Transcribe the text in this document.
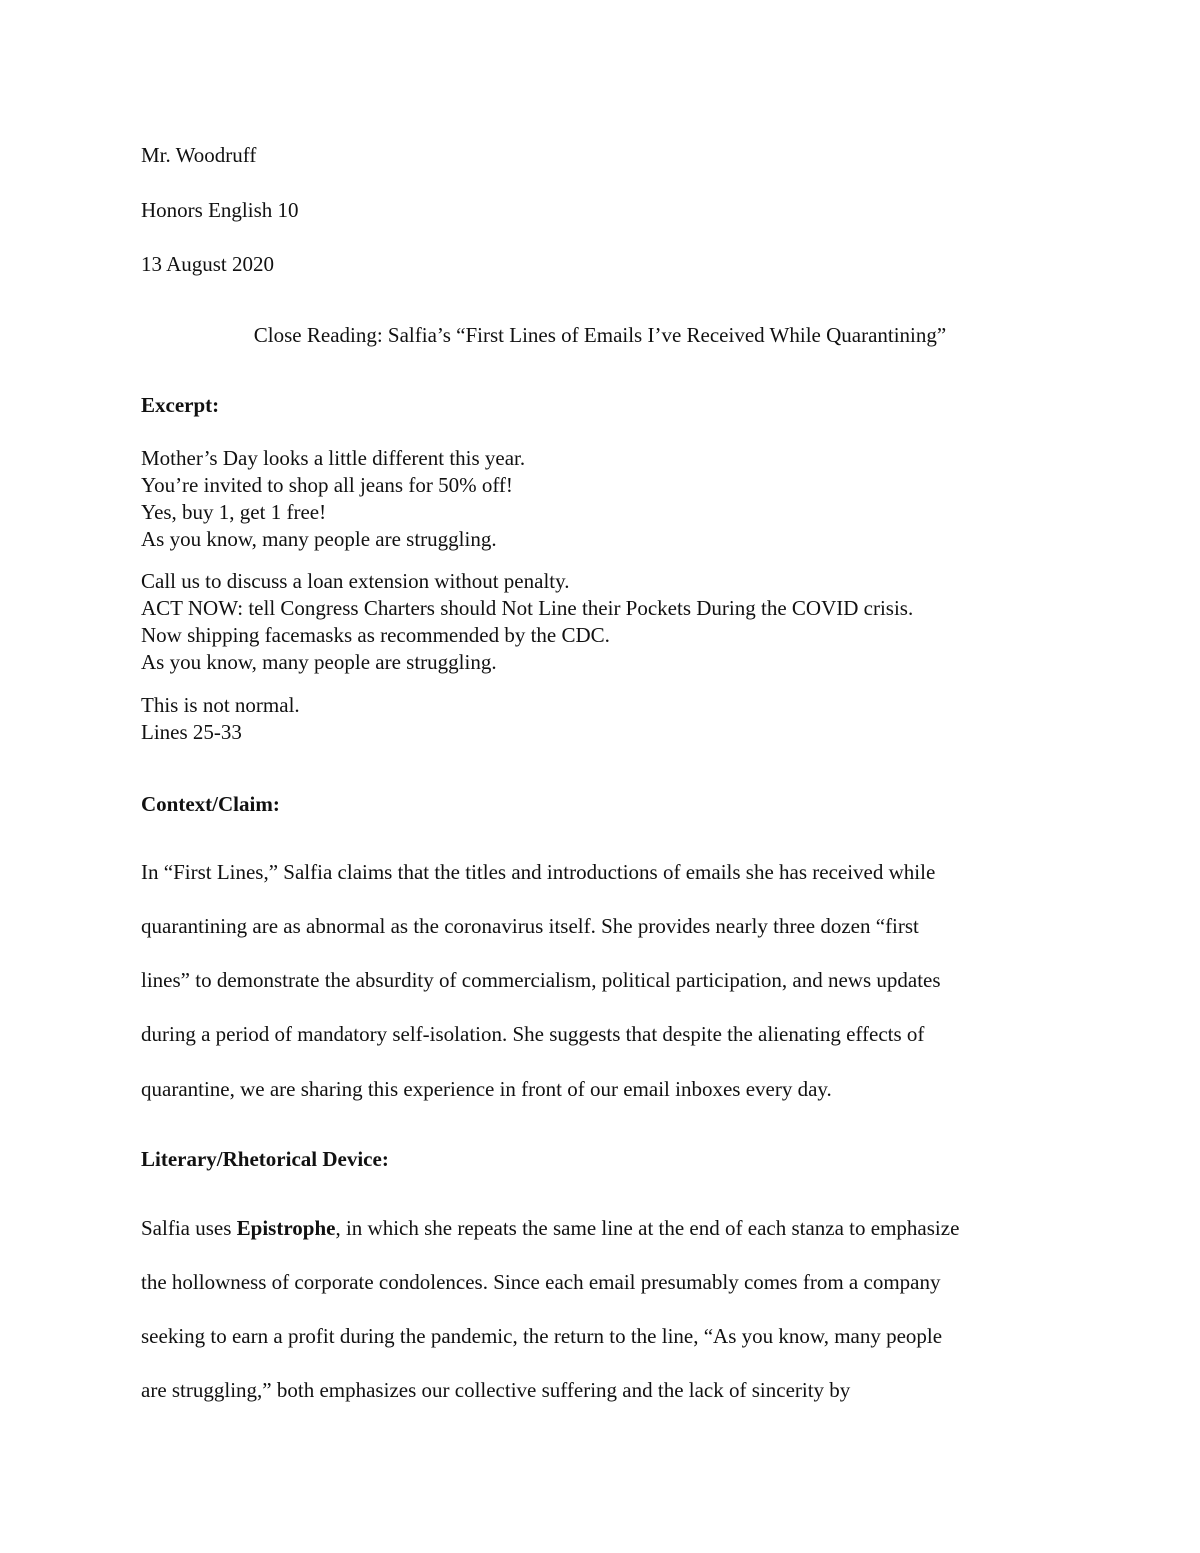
Mr. Woodruff
Honors English 10
13 August 2020
Close Reading: Salfia’s “First Lines of Emails I’ve Received While Quarantining”
Excerpt:
Mother’s Day looks a little different this year.
You’re invited to shop all jeans for 50% off!
Yes, buy 1, get 1 free!
As you know, many people are struggling.
Call us to discuss a loan extension without penalty.
ACT NOW: tell Congress Charters should Not Line their Pockets During the COVID crisis.
Now shipping facemasks as recommended by the CDC.
As you know, many people are struggling.
This is not normal.
Lines 25-33
Context/Claim:
In “First Lines,” Salfia claims that the titles and introductions of emails she has received while
quarantining are as abnormal as the coronavirus itself. She provides nearly three dozen “first
lines” to demonstrate the absurdity of commercialism, political participation, and news updates
during a period of mandatory self-isolation. She suggests that despite the alienating effects of
quarantine, we are sharing this experience in front of our email inboxes every day.
Literary/Rhetorical Device:
Salfia uses Epistrophe, in which she repeats the same line at the end of each stanza to emphasize
the hollowness of corporate condolences. Since each email presumably comes from a company
seeking to earn a profit during the pandemic, the return to the line, “As you know, many people
are struggling,” both emphasizes our collective suffering and the lack of sincerity by
